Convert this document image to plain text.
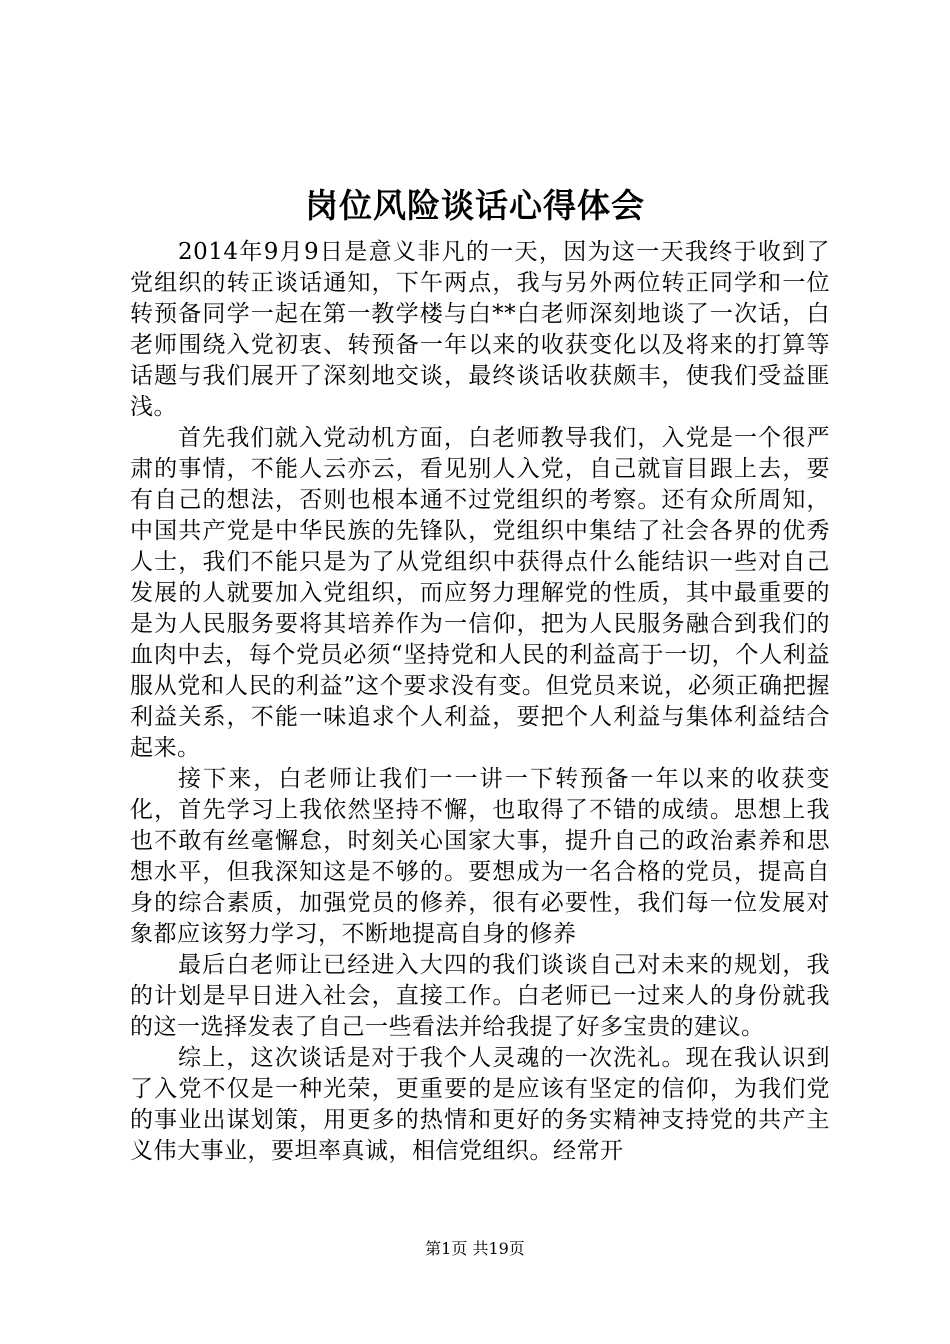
岗位风险谈话心得体会

2014年9月9日是意义非凡的一天，因为这一天我终于收到了党组织的转正谈话通知，下午两点，我与另外两位转正同学和一位转预备同学一起在第一教学楼与白**白老师深刻地谈了一次话，白老师围绕入党初衷、转预备一年以来的收获变化以及将来的打算等话题与我们展开了深刻地交谈，最终谈话收获颇丰，使我们受益匪浅。

首先我们就入党动机方面，白老师教导我们，入党是一个很严肃的事情，不能人云亦云，看见别人入党，自己就盲目跟上去，要有自己的想法，否则也根本通不过党组织的考察。还有众所周知，中国共产党是中华民族的先锋队，党组织中集结了社会各界的优秀人士，我们不能只是为了从党组织中获得点什么能结识一些对自己发展的人就要加入党组织，而应努力理解党的性质，其中最重要的是为人民服务要将其培养作为一信仰，把为人民服务融合到我们的血肉中去，每个党员必须“坚持党和人民的利益高于一切，个人利益服从党和人民的利益”这个要求没有变。但党员来说，必须正确把握利益关系，不能一味追求个人利益，要把个人利益与集体利益结合起来。

接下来，白老师让我们一一讲一下转预备一年以来的收获变化，首先学习上我依然坚持不懈，也取得了不错的成绩。思想上我也不敢有丝毫懈怠，时刻关心国家大事，提升自己的政治素养和思想水平，但我深知这是不够的。要想成为一名合格的党员，提高自身的综合素质，加强党员的修养，很有必要性，我们每一位发展对象都应该努力学习，不断地提高自身的修养

最后白老师让已经进入大四的我们谈谈自己对未来的规划，我的计划是早日进入社会，直接工作。白老师已一过来人的身份就我的这一选择发表了自己一些看法并给我提了好多宝贵的建议。

综上，这次谈话是对于我个人灵魂的一次洗礼。现在我认识到了入党不仅是一种光荣，更重要的是应该有坚定的信仰，为我们党的事业出谋划策，用更多的热情和更好的务实精神支持党的共产主义伟大事业，要坦率真诚，相信党组织。经常开

第1页 共19页
